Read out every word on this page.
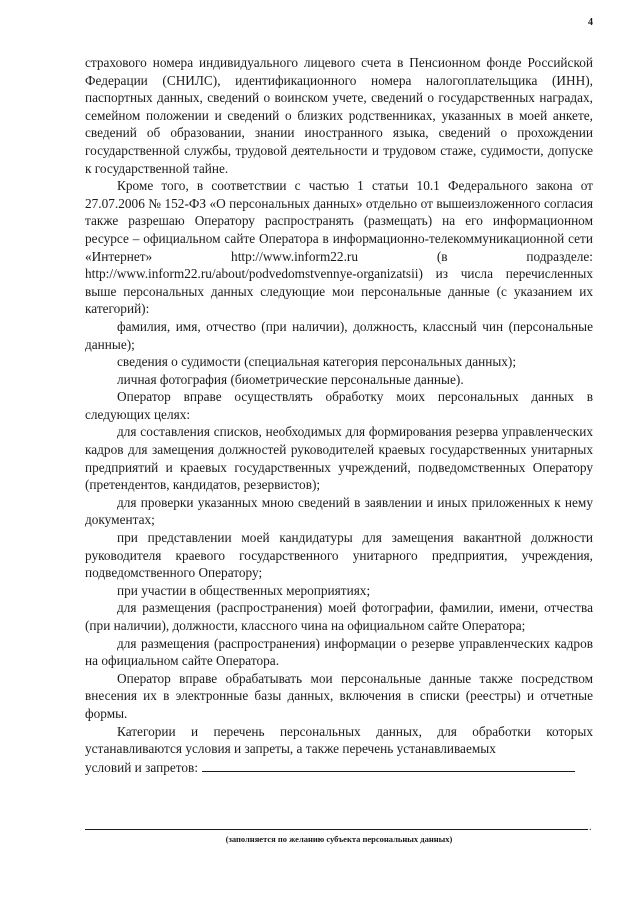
4

страхового номера индивидуального лицевого счета в Пенсионном фонде Российской Федерации (СНИЛС), идентификационного номера налогоплательщика (ИНН), паспортных данных, сведений о воинском учете, сведений о государственных наградах, семейном положении и сведений о близких родственниках, указанных в моей анкете, сведений об образовании, знании иностранного языка, сведений о прохождении государственной службы, трудовой деятельности и трудовом стаже, судимости, допуске к государственной тайне.

Кроме того, в соответствии с частью 1 статьи 10.1 Федерального закона от 27.07.2006 № 152-ФЗ «О персональных данных» отдельно от вышеизложенного согласия также разрешаю Оператору распространять (размещать) на его информационном ресурсе – официальном сайте Оператора в информационно-телекоммуникационной сети «Интернет» http://www.inform22.ru (в подразделе: http://www.inform22.ru/about/podvedomstvennye-organizatsii) из числа перечисленных выше персональных данных следующие мои персональные данные (с указанием их категорий):

фамилия, имя, отчество (при наличии), должность, классный чин (персональные данные);

сведения о судимости (специальная категория персональных данных);

личная фотография (биометрические персональные данные).

Оператор вправе осуществлять обработку моих персональных данных в следующих целях:

для составления списков, необходимых для формирования резерва управленческих кадров для замещения должностей руководителей краевых государственных унитарных предприятий и краевых государственных учреждений, подведомственных Оператору (претендентов, кандидатов, резервистов);

для проверки указанных мною сведений в заявлении и иных приложенных к нему документах;

при представлении моей кандидатуры для замещения вакантной должности руководителя краевого государственного унитарного предприятия, учреждения, подведомственного Оператору;

при участии в общественных мероприятиях;

для размещения (распространения) моей фотографии, фамилии, имени, отчества (при наличии), должности, классного чина на официальном сайте Оператора;

для размещения (распространения) информации о резерве управленческих кадров на официальном сайте Оператора.

Оператор вправе обрабатывать мои персональные данные также посредством внесения их в электронные базы данных, включения в списки (реестры) и отчетные формы.

Категории и перечень персональных данных, для обработки которых устанавливаются условия и запреты, а также перечень устанавливаемых
условий и запретов:

.
(заполняется по желанию субъекта персональных данных)
